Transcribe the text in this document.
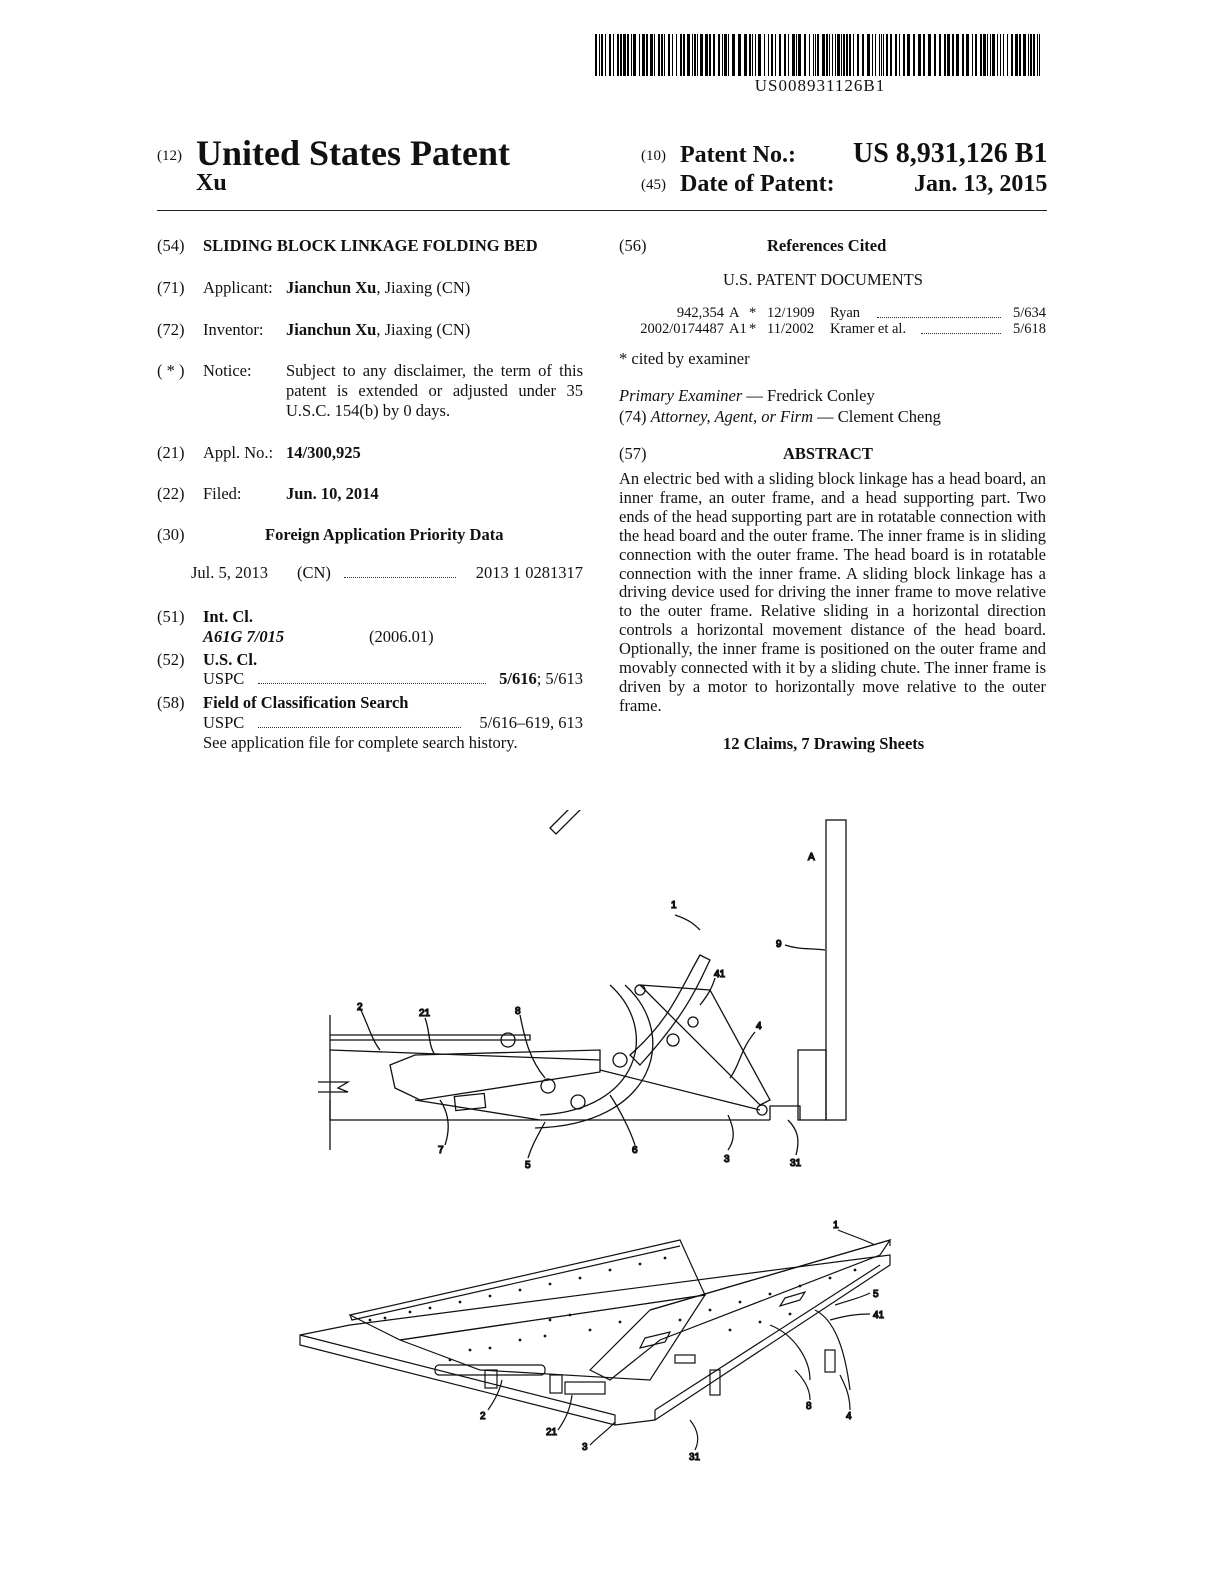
US008931126B1
(12) United States Patent
Xu
(10) Patent No.: US 8,931,126 B1
(45) Date of Patent:	Jan. 13, 2015
(54) SLIDING BLOCK LINKAGE FOLDING BED
(71) Applicant: Jianchun Xu, Jiaxing (CN)
(72) Inventor: Jianchun Xu, Jiaxing (CN)
( * ) Notice: Subject to any disclaimer, the term of this
patent is extended or adjusted under 35
U.S.C. 154(b) by 0 days.
(21) Appl. No.: 14/300,925
(22) Filed:	Jun. 10, 2014
(30)	Foreign Application Priority Data
Jul. 5, 2013 (CN)	2013 1 0281317
(51) Int. Cl.
A61G 7/015	(2006.01)
(52) U.S. Cl.
USPC	5/616; 5/613
(58) Field of Classification Search
USPC	5/616–619, 613
See application file for complete search history.
(56)	References Cited
U.S. PATENT DOCUMENTS
942,354 A * 12/1909 Ryan	5/634
2002/0174487 A1 * 11/2002 Kramer et al.	5/618
* cited by examiner
Primary Examiner — Fredrick Conley
(74) Attorney, Agent, or Firm — Clement Cheng
(57)	ABSTRACT
An electric bed with a sliding block linkage has a head board, an inner frame, an outer frame, and a head supporting part. Two ends of the head supporting part are in rotatable connection with the head board and the outer frame. The inner frame is in sliding connection with the outer frame. The head board is in rotatable connection with the inner frame. A sliding block linkage has a driving device used for driving the inner frame to move relative to the outer frame. Relative sliding in a horizontal direction controls a horizontal movement distance of the head board. Optionally, the inner frame is positioned on the outer frame and movably connected with it by a sliding chute. The inner frame is driven by a motor to horizontally move relative to the outer frame.
12 Claims, 7 Drawing Sheets
A
1
9
41
2
21	8
4
7
5
6
3	31
1
5
41
8
4
2
21
3
31
